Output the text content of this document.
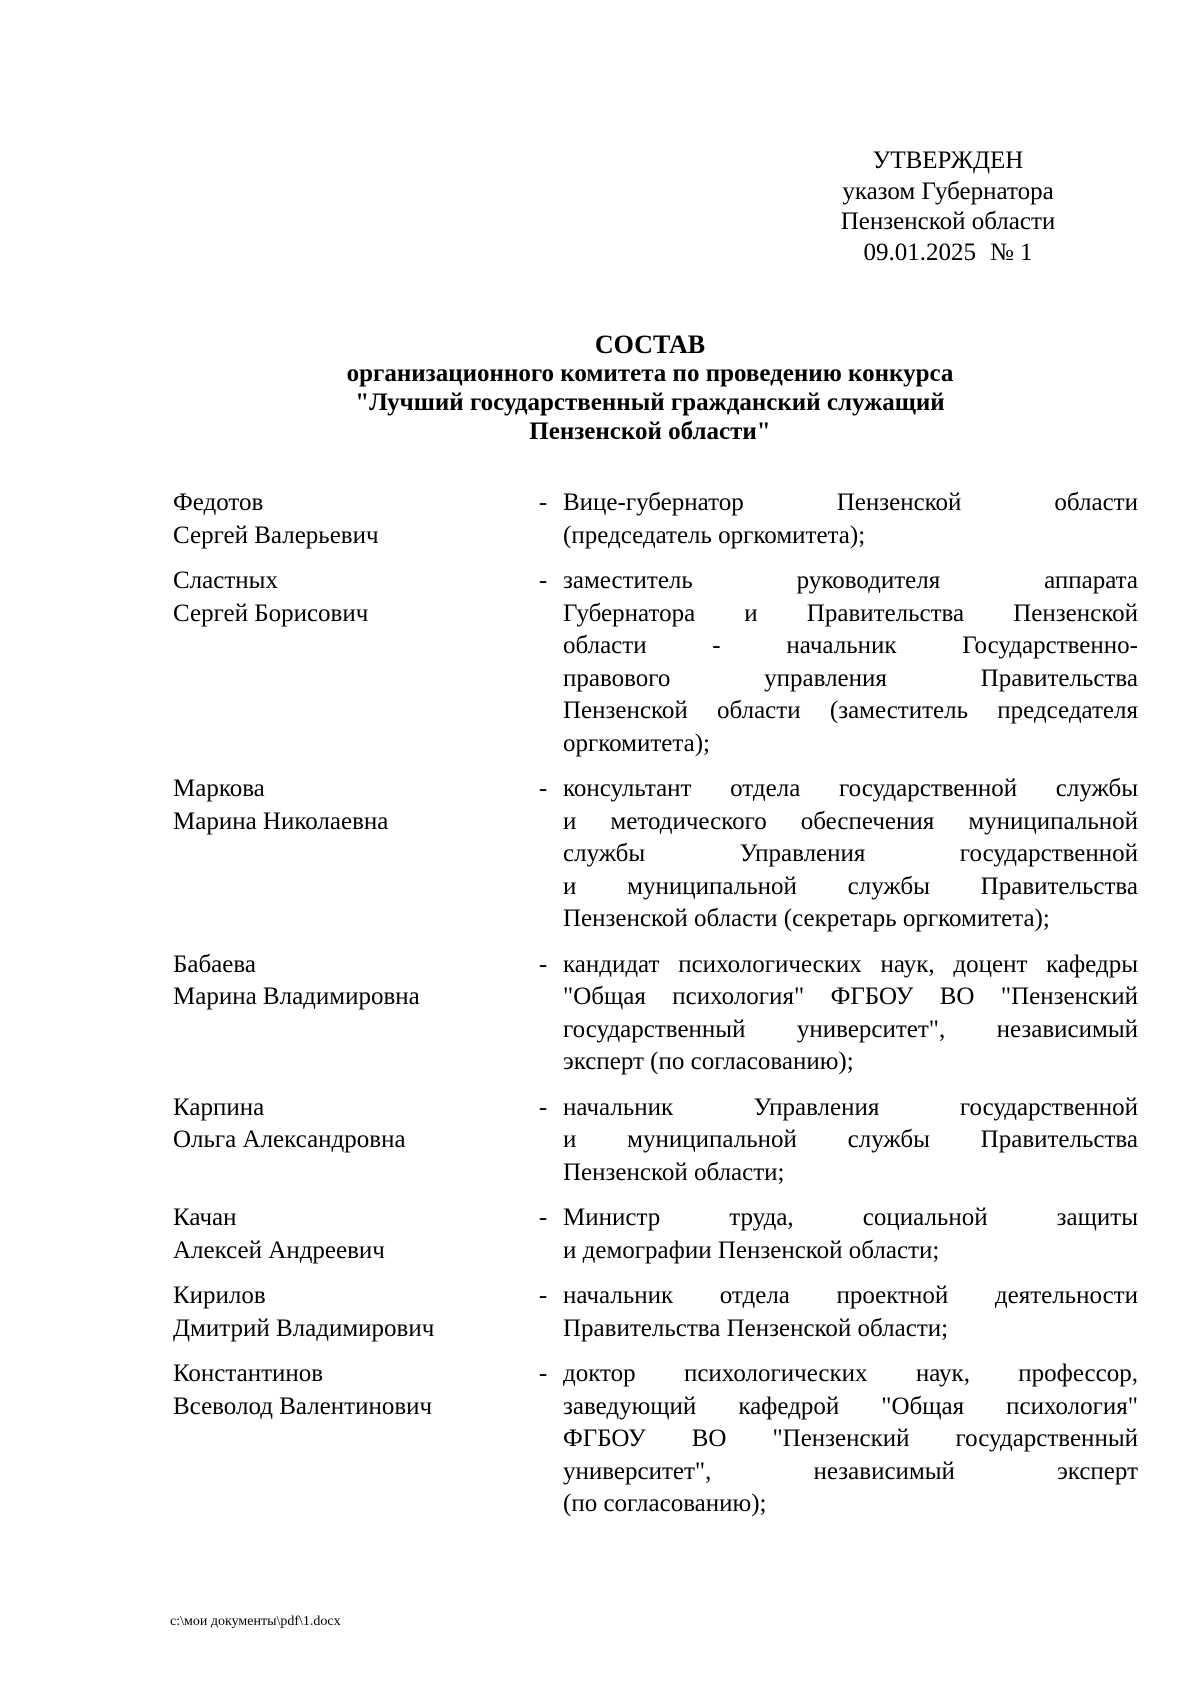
УТВЕРЖДЕН
указом Губернатора
Пензенской области
09.01.2025 № 1
СОСТАВ
организационного комитета по проведению конкурса
"Лучший государственный гражданский служащий
Пензенской области"
Федотов
Сергей Валерьевич
- Вице-губернатор Пензенской области
(председатель оргкомитета);
Сластных
Сергей Борисович
- заместитель руководителя аппарата
Губернатора и Правительства Пензенской
области - начальник Государственно-
правового управления Правительства
Пензенской области (заместитель председателя
оргкомитета);
Маркова
Марина Николаевна
- консультант отдела государственной службы
и методического обеспечения муниципальной
службы Управления государственной
и муниципальной службы Правительства
Пензенской области (секретарь оргкомитета);
Бабаева
Марина Владимировна
- кандидат психологических наук, доцент кафедры
"Общая психология" ФГБОУ ВО "Пензенский
государственный университет", независимый
эксперт (по согласованию);
Карпина
Ольга Александровна
- начальник Управления государственной
и муниципальной службы Правительства
Пензенской области;
Качан
Алексей Андреевич
- Министр труда, социальной защиты
и демографии Пензенской области;
Кирилов
Дмитрий Владимирович
- начальник отдела проектной деятельности
Правительства Пензенской области;
Константинов
Всеволод Валентинович
- доктор психологических наук, профессор,
заведующий кафедрой "Общая психология"
ФГБОУ ВО "Пензенский государственный
университет", независимый эксперт
(по согласованию);
c:\мои документы\pdf\1.docx
